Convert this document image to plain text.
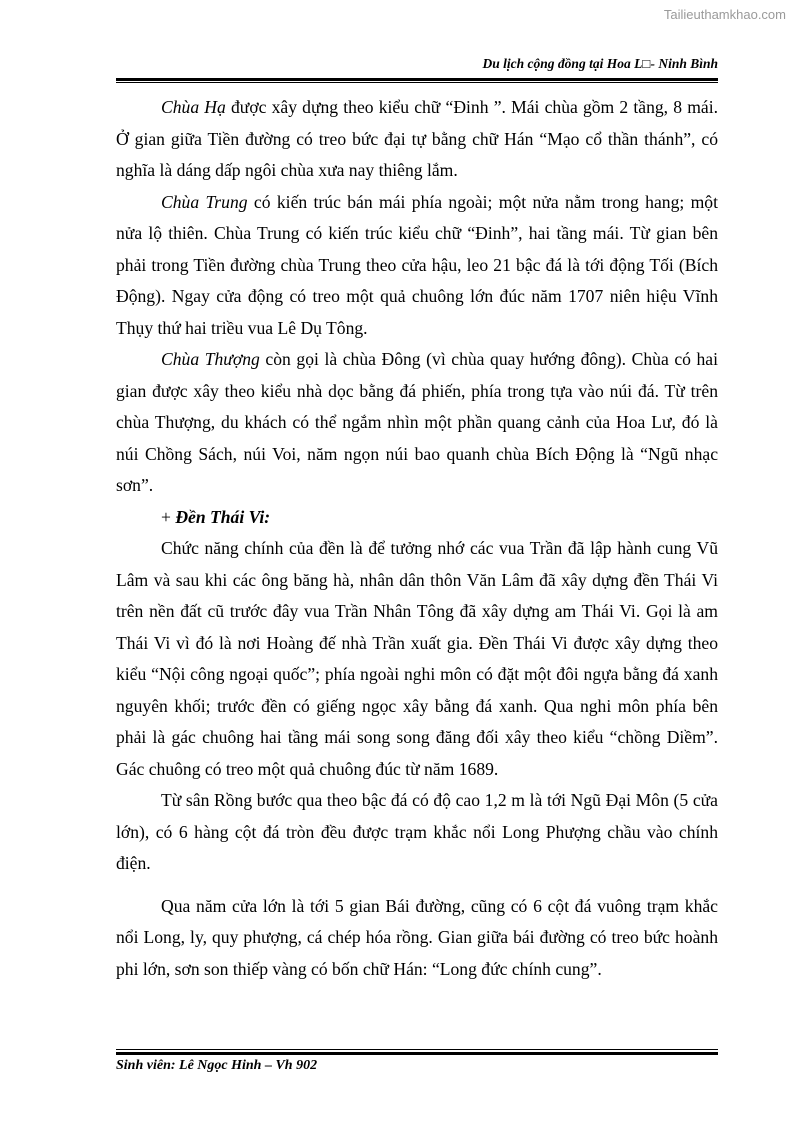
Tailieuthamkhao.com
Du lịch cộng đồng tại Hoa L□- Ninh Bình

Chùa Hạ được xây dựng theo kiểu chữ “Đinh ”. Mái chùa gồm 2 tầng, 8 mái. Ở gian giữa Tiền đường có treo bức đại tự bằng chữ Hán “Mạo cổ thần thánh”, có nghĩa là dáng dấp ngôi chùa xưa nay thiêng lắm.

Chùa Trung có kiến trúc bán mái phía ngoài; một nửa nằm trong hang; một nửa lộ thiên. Chùa Trung có kiến trúc kiểu chữ “Đinh”, hai tầng mái. Từ gian bên phải trong Tiền đường chùa Trung theo cửa hậu, leo 21 bậc đá là tới động Tối (Bích Động). Ngay cửa động có treo một quả chuông lớn đúc năm 1707 niên hiệu Vĩnh Thụy thứ hai triều vua Lê Dụ Tông.

Chùa Thượng còn gọi là chùa Đông (vì chùa quay hướng đông). Chùa có hai gian được xây theo kiểu nhà dọc bằng đá phiến, phía trong tựa vào núi đá. Từ trên chùa Thượng, du khách có thể ngắm nhìn một phần quang cảnh của Hoa Lư, đó là núi Chồng Sách, núi Voi, năm ngọn núi bao quanh chùa Bích Động là “Ngũ nhạc sơn”.

+ Đền Thái Vi:

Chức năng chính của đền là để tưởng nhớ các vua Trần đã lập hành cung Vũ Lâm và sau khi các ông băng hà, nhân dân thôn Văn Lâm đã xây dựng đền Thái Vi trên nền đất cũ trước đây vua Trần Nhân Tông đã xây dựng am Thái Vi. Gọi là am Thái Vi vì đó là nơi Hoàng đế nhà Trần xuất gia. Đền Thái Vi được xây dựng theo kiểu “Nội công ngoại quốc”; phía ngoài nghi môn có đặt một đôi ngựa bằng đá xanh nguyên khối; trước đền có giếng ngọc xây bằng đá xanh. Qua nghi môn phía bên phải là gác chuông hai tầng mái song song đăng đối xây theo kiểu “chồng Diềm”. Gác chuông có treo một quả chuông đúc từ năm 1689.

Từ sân Rồng bước qua theo bậc đá có độ cao 1,2 m là tới Ngũ Đại Môn (5 cửa lớn), có 6 hàng cột đá tròn đều được trạm khắc nổi Long Phượng chầu vào chính điện.

Qua năm cửa lớn là tới 5 gian Bái đường, cũng có 6 cột đá vuông trạm khắc nổi Long, ly, quy phượng, cá chép hóa rồng. Gian giữa bái đường có treo bức hoành phi lớn, sơn son thiếp vàng có bốn chữ Hán: “Long đức chính cung”.

Sinh viên: Lê Ngọc Hinh – Vh 902
